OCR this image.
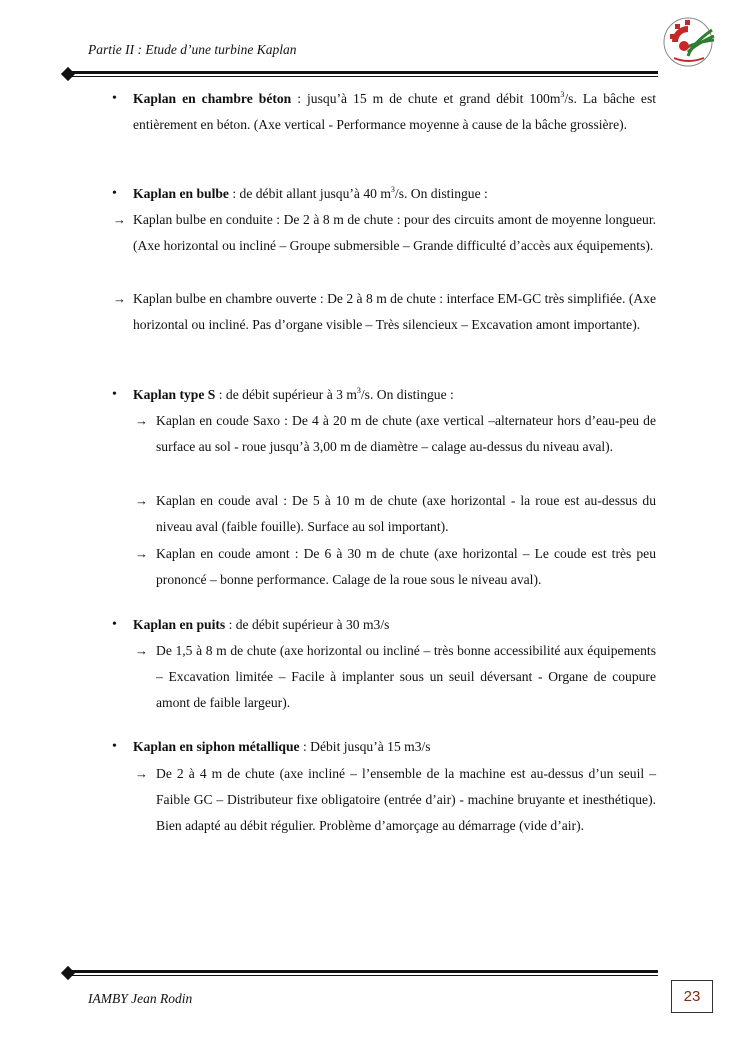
Partie II : Etude d’une turbine Kaplan
• Kaplan en chambre béton : jusqu’à 15 m de chute et grand débit $100m^3/s$. La bâche est entièrement en béton. (Axe vertical - Performance moyenne à cause de la bâche grossière).
• Kaplan en bulbe : de débit allant jusqu’à 40 $m^3/s$. On distingue :
→ Kaplan bulbe en conduite : De 2 à 8 m de chute : pour des circuits amont de moyenne longueur. (Axe horizontal ou incliné – Groupe submersible – Grande difficulté d’accès aux équipements).
→ Kaplan bulbe en chambre ouverte : De 2 à 8 m de chute : interface EM-GC très simplifiée. (Axe horizontal ou incliné. Pas d’organe visible – Très silencieux – Excavation amont importante).
• Kaplan type S : de débit supérieur à 3 $m^3/s$. On distingue :
→ Kaplan en coude Saxo : De 4 à 20 m de chute (axe vertical –alternateur hors d’eau-peu de surface au sol - roue jusqu’à 3,00 m de diamètre – calage au-dessus du niveau aval).
→ Kaplan en coude aval : De 5 à 10 m de chute (axe horizontal - la roue est au-dessus du niveau aval (faible fouille). Surface au sol important).
→ Kaplan en coude amont : De 6 à 30 m de chute (axe horizontal – Le coude est très peu prononcé – bonne performance. Calage de la roue sous le niveau aval).
• Kaplan en puits : de débit supérieur à 30 m3/s
→ De 1,5 à 8 m de chute (axe horizontal ou incliné – très bonne accessibilité aux équipements – Excavation limitée – Facile à implanter sous un seuil déversant - Organe de coupure amont de faible largeur).
• Kaplan en siphon métallique : Débit jusqu’à 15 m3/s
→ De 2 à 4 m de chute (axe incliné – l’ensemble de la machine est au-dessus d’un seuil – Faible GC – Distributeur fixe obligatoire (entrée d’air) - machine bruyante et inesthétique). Bien adapté au débit régulier. Problème d’amorçage au démarrage (vide d’air).
IAMBY Jean Rodin	23
